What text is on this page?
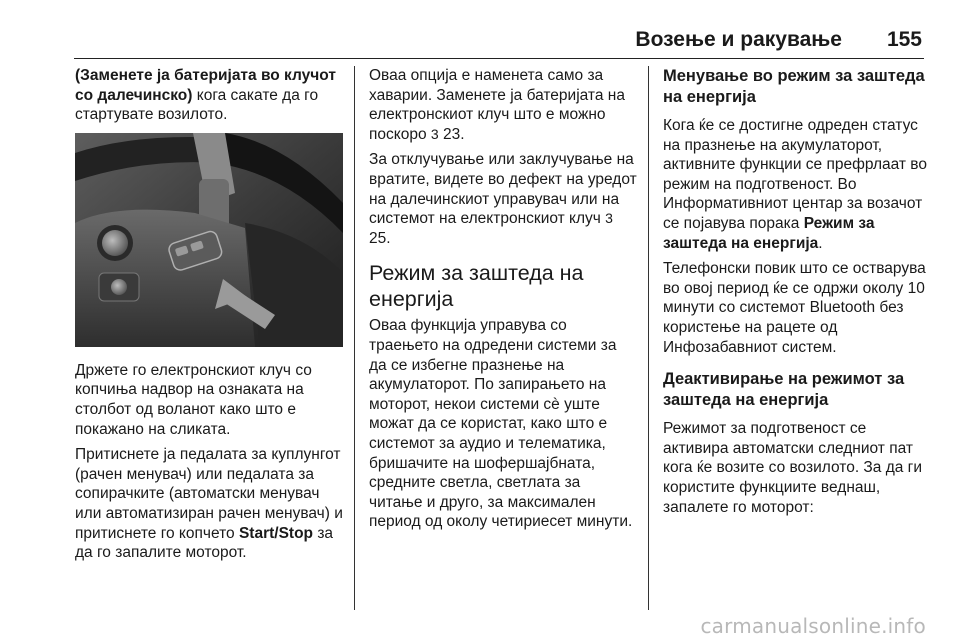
Возење и ракување 155

(Заменете ја батеријата во клучот со далечинско) кога сакате да го стартувате возилото.

Држете го електронскиот клуч со копчиња надвор на ознаката на столбот од воланот како што е покажано на сликата.

Притиснете ја педалата за куплунгот (рачен менувач) или педалата за сопирачките (автоматски менувач или автоматизиран рачен менувач) и притиснете го копчето Start/Stop за да го запалите моторот.

Оваа опција е наменета само за хаварии. Заменете ја батеријата на електронскиот клуч што е можно поскоро 3 23.

За отклучување или заклучување на вратите, видете во дефект на уредот на далечинскиот управувач или на системот на електронскиот клуч 3 25.

Режим за заштеда на енергија

Оваа функција управува со траењето на одредени системи за да се избегне празнење на акумулаторот. По запирањето на моторот, некои системи сè уште можат да се користат, како што е системот за аудио и телематика, бришачите на шофершајбната, средните светла, светлата за читање и друго, за максимален период од околу четириесет минути.

Менување во режим за заштеда на енергија

Кога ќе се достигне одреден статус на празнење на акумулаторот, активните функции се префрлаат во режим на подготвеност. Во Информативниот центар за возачот се појавува порака Режим за заштеда на енергија.

Телефонски повик што се остварува во овој период ќе се одржи околу 10 минути со системот Bluetooth без користење на рацете од Инфозабавниот систем.

Деактивирање на режимот за заштеда на енергија

Режимот за подготвеност се активира автоматски следниот пат кога ќе возите со возилото. За да ги користите функциите веднаш, запалете го моторот:

carmanualsonline.info
